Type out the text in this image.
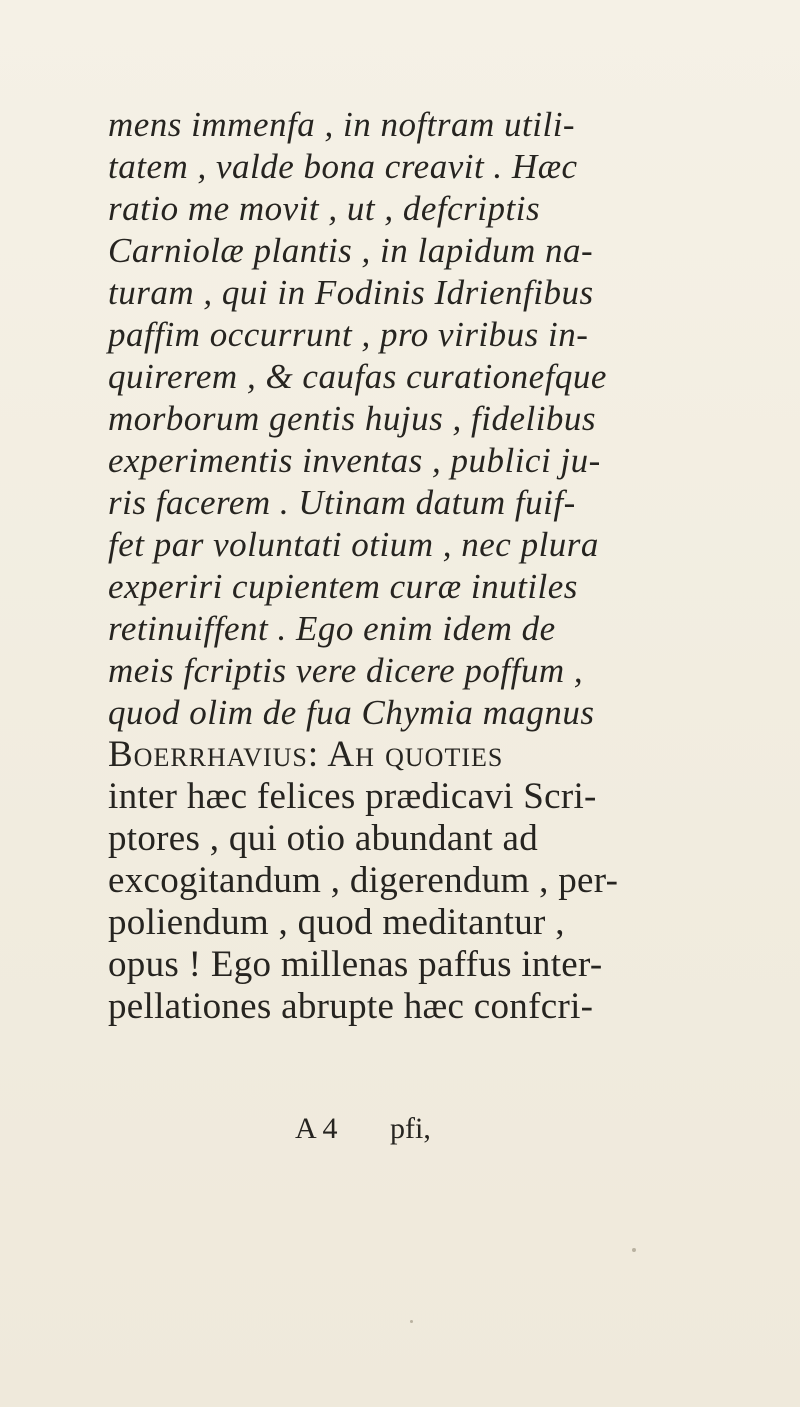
mens immenfa , in noftram utili-
tatem , valde bona creavit . Hæc
ratio me movit , ut , defcriptis
Carniolæ plantis , in lapidum na-
turam , qui in Fodinis Idrienfibus
paffim occurrunt , pro viribus in-
quirerem , & caufas curationefque
morborum gentis hujus , fidelibus
experimentis inventas , publici ju-
ris facerem . Utinam datum fuif-
fet par voluntati otium , nec plura
experiri cupientem curæ inutiles
retinuiffent . Ego enim idem de
meis fcriptis vere dicere poffum ,
quod olim de fua Chymia magnus
Boerrhavius: Ah quoties
inter hæc felices prædicavi Scri-
ptores , qui otio abundant ad
excogitandum , digerendum , per-
poliendum , quod meditantur ,
opus ! Ego millenas paffus inter-
pellationes abrupte hæc confcri-
A 4 pfi,
